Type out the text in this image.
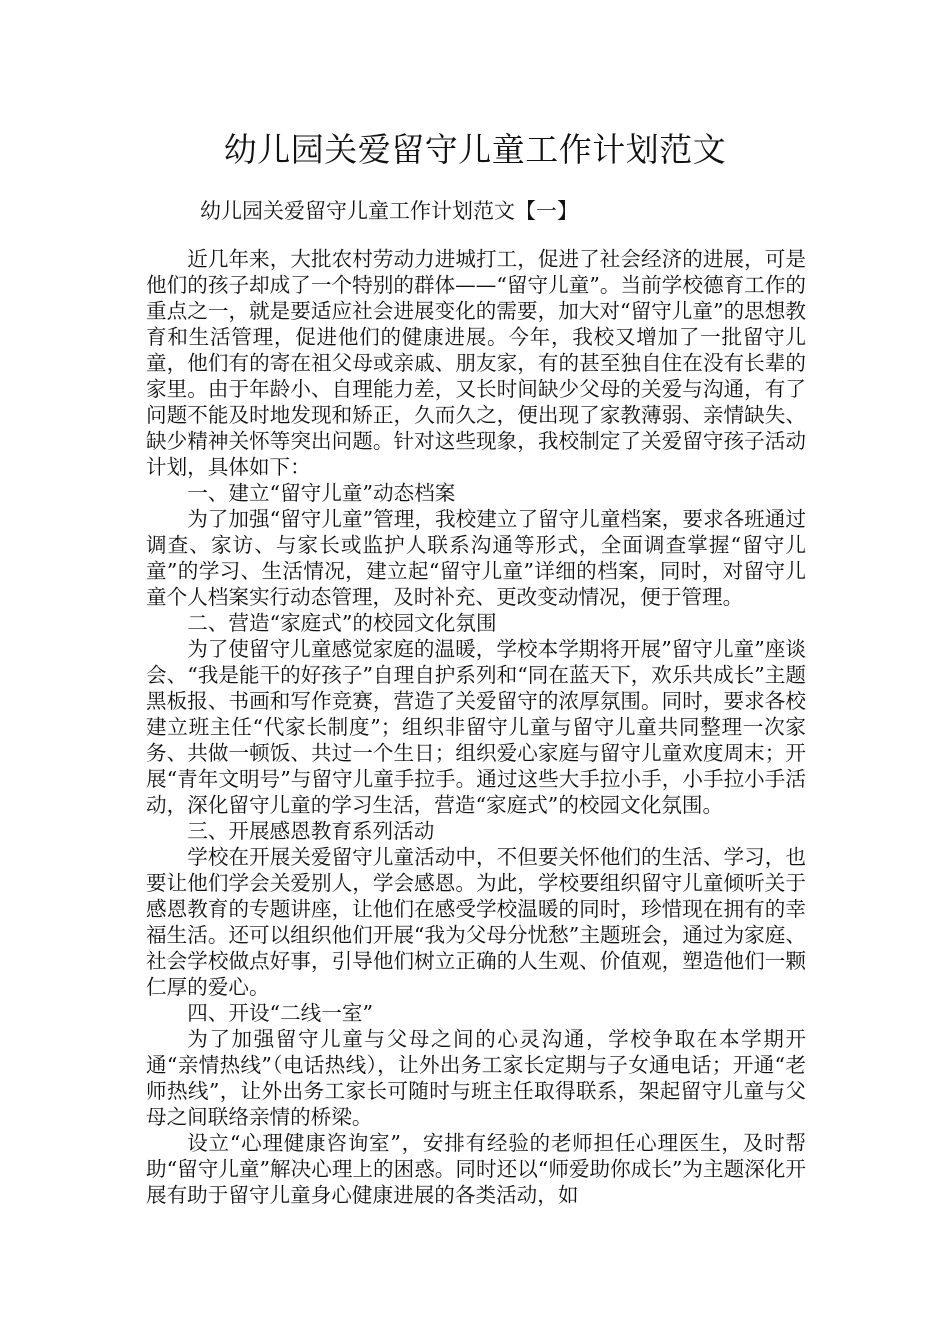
幼儿园关爱留守儿童工作计划范文
幼儿园关爱留守儿童工作计划范文【一】

近几年来，大批农村劳动力进城打工，促进了社会经济的进展，可是他们的孩子却成了一个特别的群体——“留守儿童”。当前学校德育工作的重点之一，就是要适应社会进展变化的需要，加大对“留守儿童”的思想教育和生活管理，促进他们的健康进展。今年，我校又增加了一批留守儿童，他们有的寄在祖父母或亲戚、朋友家，有的甚至独自住在没有长辈的家里。由于年龄小、自理能力差，又长时间缺少父母的关爱与沟通，有了问题不能及时地发现和矫正，久而久之，便出现了家教薄弱、亲情缺失、缺少精神关怀等突出问题。针对这些现象，我校制定了关爱留守孩子活动计划，具体如下：

一、建立“留守儿童”动态档案

为了加强“留守儿童”管理，我校建立了留守儿童档案，要求各班通过调查、家访、与家长或监护人联系沟通等形式，全面调查掌握“留守儿童”的学习、生活情况，建立起“留守儿童”详细的档案，同时，对留守儿童个人档案实行动态管理，及时补充、更改变动情况，便于管理。

二、营造“家庭式”的校园文化氛围

为了使留守儿童感觉家庭的温暖，学校本学期将开展”留守儿童”座谈会、“我是能干的好孩子”自理自护系列和“同在蓝天下，欢乐共成长”主题黑板报、书画和写作竞赛，营造了关爱留守的浓厚氛围。同时，要求各校建立班主任“代家长制度”；组织非留守儿童与留守儿童共同整理一次家务、共做一顿饭、共过一个生日；组织爱心家庭与留守儿童欢度周末；开展“青年文明号”与留守儿童手拉手。通过这些大手拉小手，小手拉小手活动，深化留守儿童的学习生活，营造“家庭式”的校园文化氛围。

三、开展感恩教育系列活动

学校在开展关爱留守儿童活动中，不但要关怀他们的生活、学习，也要让他们学会关爱别人，学会感恩。为此，学校要组织留守儿童倾听关于感恩教育的专题讲座，让他们在感受学校温暖的同时，珍惜现在拥有的幸福生活。还可以组织他们开展“我为父母分忧愁”主题班会，通过为家庭、社会学校做点好事，引导他们树立正确的人生观、价值观，塑造他们一颗仁厚的爱心。

四、开设“二线一室”

为了加强留守儿童与父母之间的心灵沟通，学校争取在本学期开通“亲情热线”（电话热线），让外出务工家长定期与子女通电话；开通“老师热线”，让外出务工家长可随时与班主任取得联系，架起留守儿童与父母之间联络亲情的桥梁。

设立“心理健康咨询室”，安排有经验的老师担任心理医生，及时帮助“留守儿童”解决心理上的困惑。同时还以“师爱助你成长”为主题深化开展有助于留守儿童身心健康进展的各类活动，如
